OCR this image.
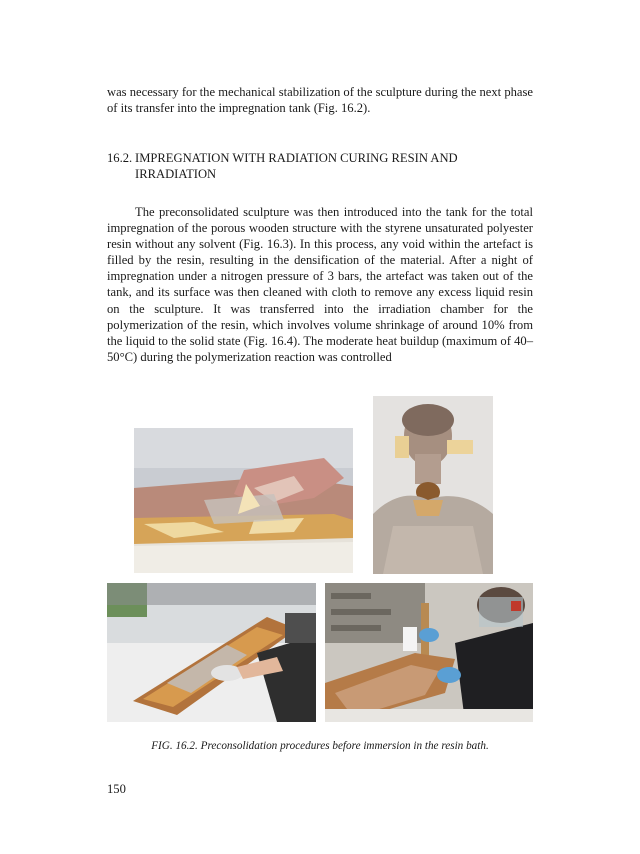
was necessary for the mechanical stabilization of the sculpture during the next phase of its transfer into the impregnation tank (Fig. 16.2).

16.2. IMPREGNATION WITH RADIATION CURING RESIN AND IRRADIATION

The preconsolidated sculpture was then introduced into the tank for the total impregnation of the porous wooden structure with the styrene unsaturated polyester resin without any solvent (Fig. 16.3). In this process, any void within the artefact is filled by the resin, resulting in the densification of the material. After a night of impregnation under a nitrogen pressure of 3 bars, the artefact was taken out of the tank, and its surface was then cleaned with cloth to remove any excess liquid resin on the sculpture. It was transferred into the irradiation chamber for the polymerization of the resin, which involves volume shrinkage of around 10% from the liquid to the solid state (Fig. 16.4). The moderate heat buildup (maximum of 40–50°C) during the polymerization reaction was controlled

FIG. 16.2. Preconsolidation procedures before immersion in the resin bath.

150
